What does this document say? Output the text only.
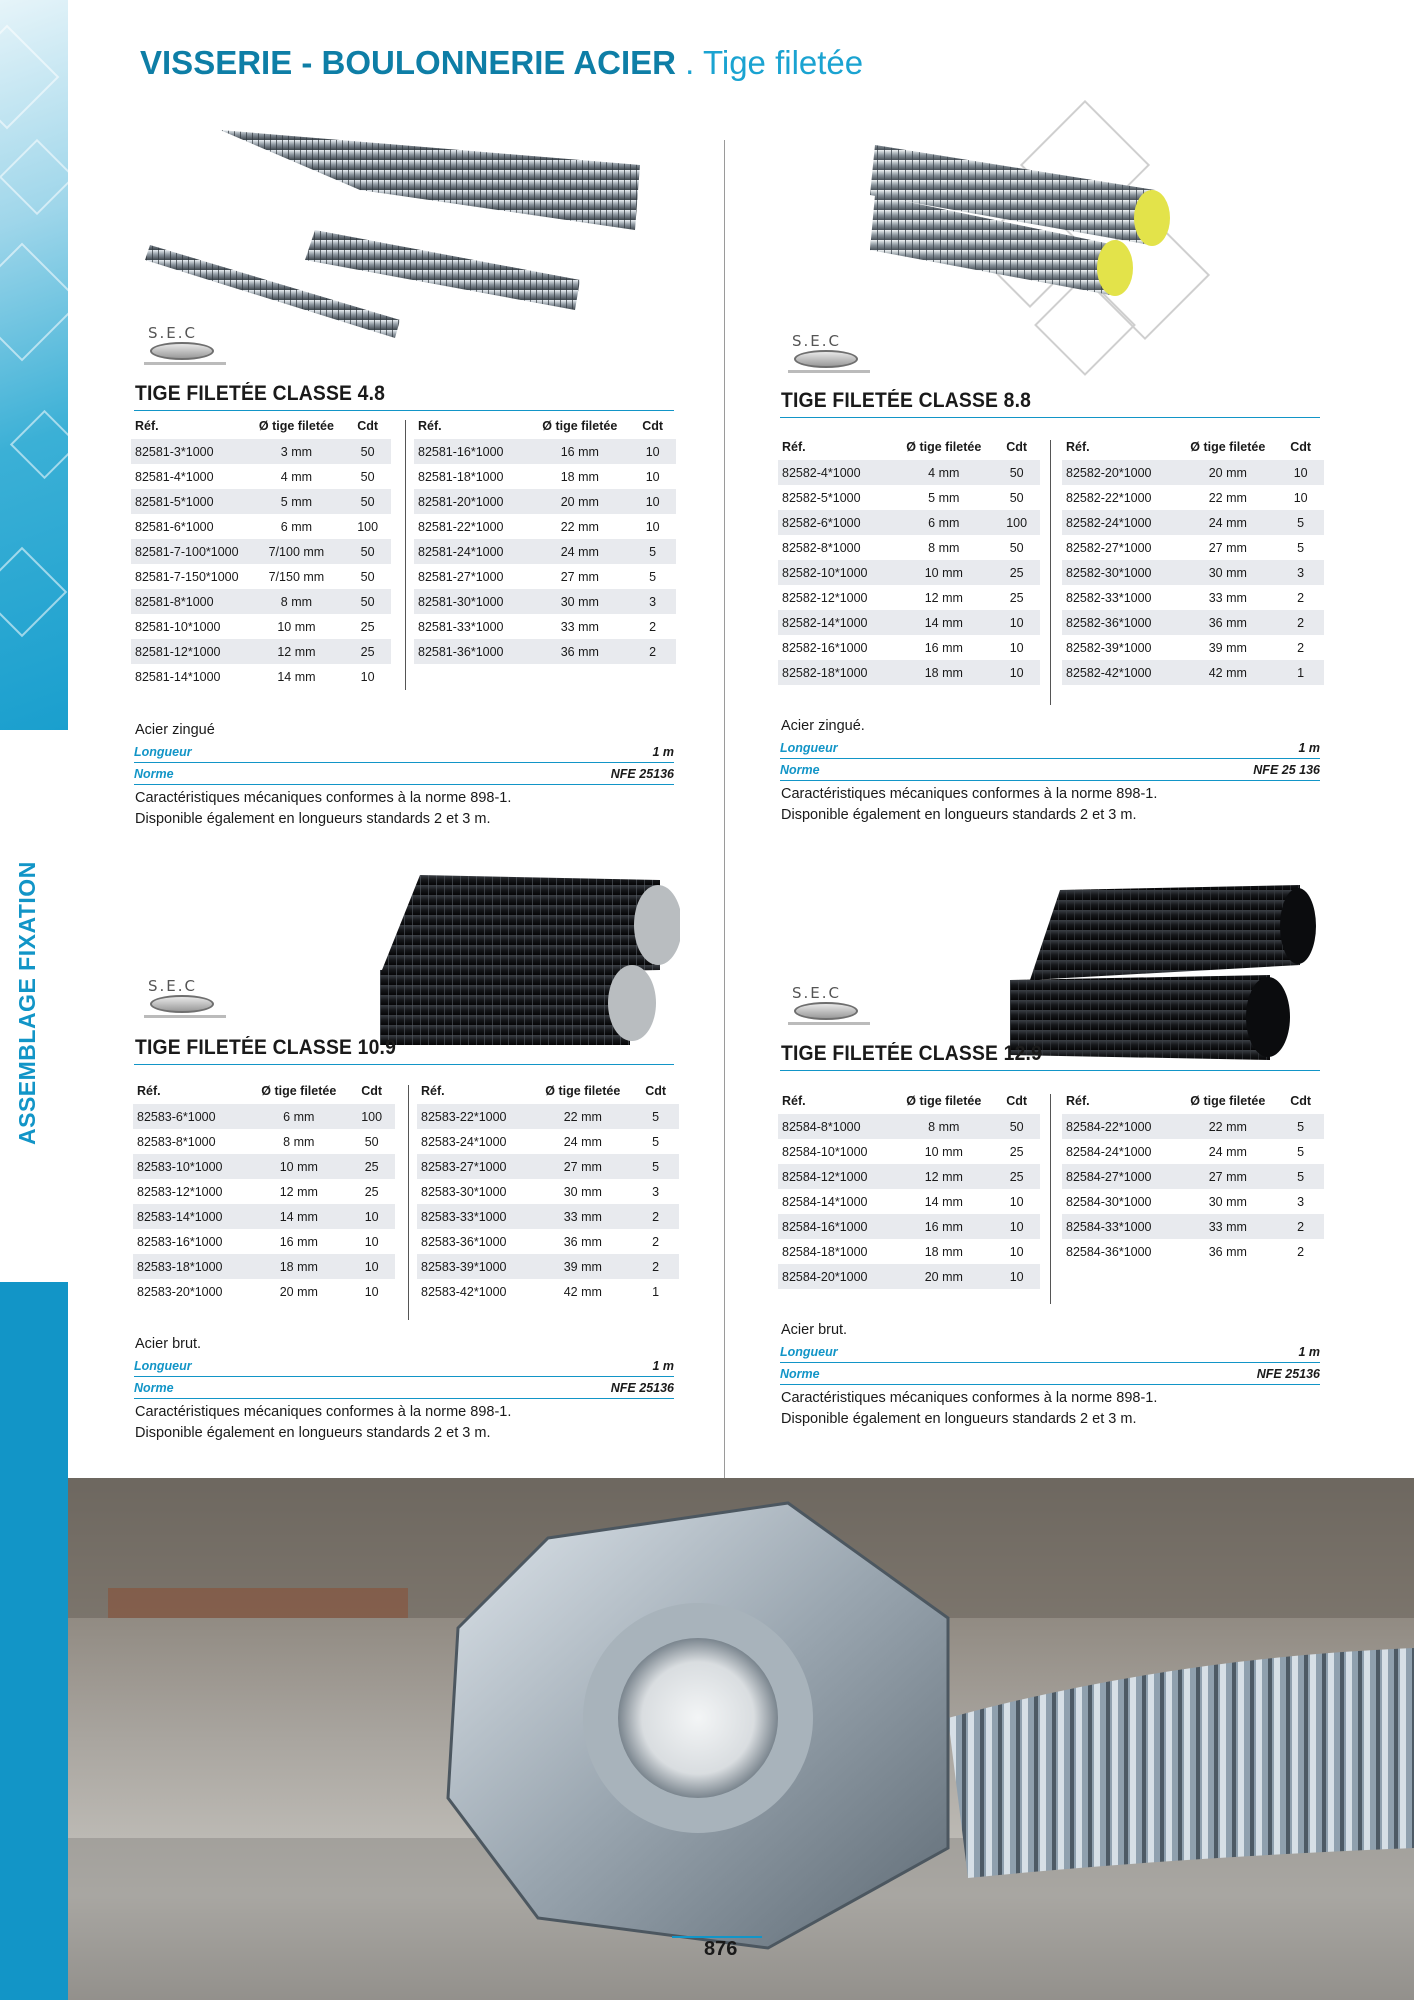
ASSEMBLAGE FIXATION
VISSERIE - BOULONNERIE ACIER . Tige filetée
S.E.C
TIGE FILETÉE CLASSE 4.8
Réf.	Ø tige filetée	Cdt
82581-3*1000	3 mm	50
82581-4*1000	4 mm	50
82581-5*1000	5 mm	50
82581-6*1000	6 mm	100
82581-7-100*1000	7/100 mm	50
82581-7-150*1000	7/150 mm	50
82581-8*1000	8 mm	50
82581-10*1000	10 mm	25
82581-12*1000	12 mm	25
82581-14*1000	14 mm	10
Réf.	Ø tige filetée	Cdt
82581-16*1000	16 mm	10
82581-18*1000	18 mm	10
82581-20*1000	20 mm	10
82581-22*1000	22 mm	10
82581-24*1000	24 mm	5
82581-27*1000	27 mm	5
82581-30*1000	30 mm	3
82581-33*1000	33 mm	2
82581-36*1000	36 mm	2
Acier zingué
Longueur	1 m
Norme	NFE 25136
Caractéristiques mécaniques conformes à la norme 898-1.
Disponible également en longueurs standards 2 et 3 m.
S.E.C
TIGE FILETÉE CLASSE 8.8
Réf.	Ø tige filetée	Cdt
82582-4*1000	4 mm	50
82582-5*1000	5 mm	50
82582-6*1000	6 mm	100
82582-8*1000	8 mm	50
82582-10*1000	10 mm	25
82582-12*1000	12 mm	25
82582-14*1000	14 mm	10
82582-16*1000	16 mm	10
82582-18*1000	18 mm	10
Réf.	Ø tige filetée	Cdt
82582-20*1000	20 mm	10
82582-22*1000	22 mm	10
82582-24*1000	24 mm	5
82582-27*1000	27 mm	5
82582-30*1000	30 mm	3
82582-33*1000	33 mm	2
82582-36*1000	36 mm	2
82582-39*1000	39 mm	2
82582-42*1000	42 mm	1
Acier zingué.
Longueur	1 m
Norme	NFE 25 136
Caractéristiques mécaniques conformes à la norme 898-1.
Disponible également en longueurs standards 2 et 3 m.
S.E.C
TIGE FILETÉE CLASSE 10.9
Réf.	Ø tige filetée	Cdt
82583-6*1000	6 mm	100
82583-8*1000	8 mm	50
82583-10*1000	10 mm	25
82583-12*1000	12 mm	25
82583-14*1000	14 mm	10
82583-16*1000	16 mm	10
82583-18*1000	18 mm	10
82583-20*1000	20 mm	10
Réf.	Ø tige filetée	Cdt
82583-22*1000	22 mm	5
82583-24*1000	24 mm	5
82583-27*1000	27 mm	5
82583-30*1000	30 mm	3
82583-33*1000	33 mm	2
82583-36*1000	36 mm	2
82583-39*1000	39 mm	2
82583-42*1000	42 mm	1
Acier brut.
Longueur	1 m
Norme	NFE 25136
Caractéristiques mécaniques conformes à la norme 898-1.
Disponible également en longueurs standards 2 et 3 m.
S.E.C
TIGE FILETÉE CLASSE 12.9
Réf.	Ø tige filetée	Cdt
82584-8*1000	8 mm	50
82584-10*1000	10 mm	25
82584-12*1000	12 mm	25
82584-14*1000	14 mm	10
82584-16*1000	16 mm	10
82584-18*1000	18 mm	10
82584-20*1000	20 mm	10
Réf.	Ø tige filetée	Cdt
82584-22*1000	22 mm	5
82584-24*1000	24 mm	5
82584-27*1000	27 mm	5
82584-30*1000	30 mm	3
82584-33*1000	33 mm	2
82584-36*1000	36 mm	2
Acier brut.
Longueur	1 m
Norme	NFE 25136
Caractéristiques mécaniques conformes à la norme 898-1.
Disponible également en longueurs standards 2 et 3 m.
876
